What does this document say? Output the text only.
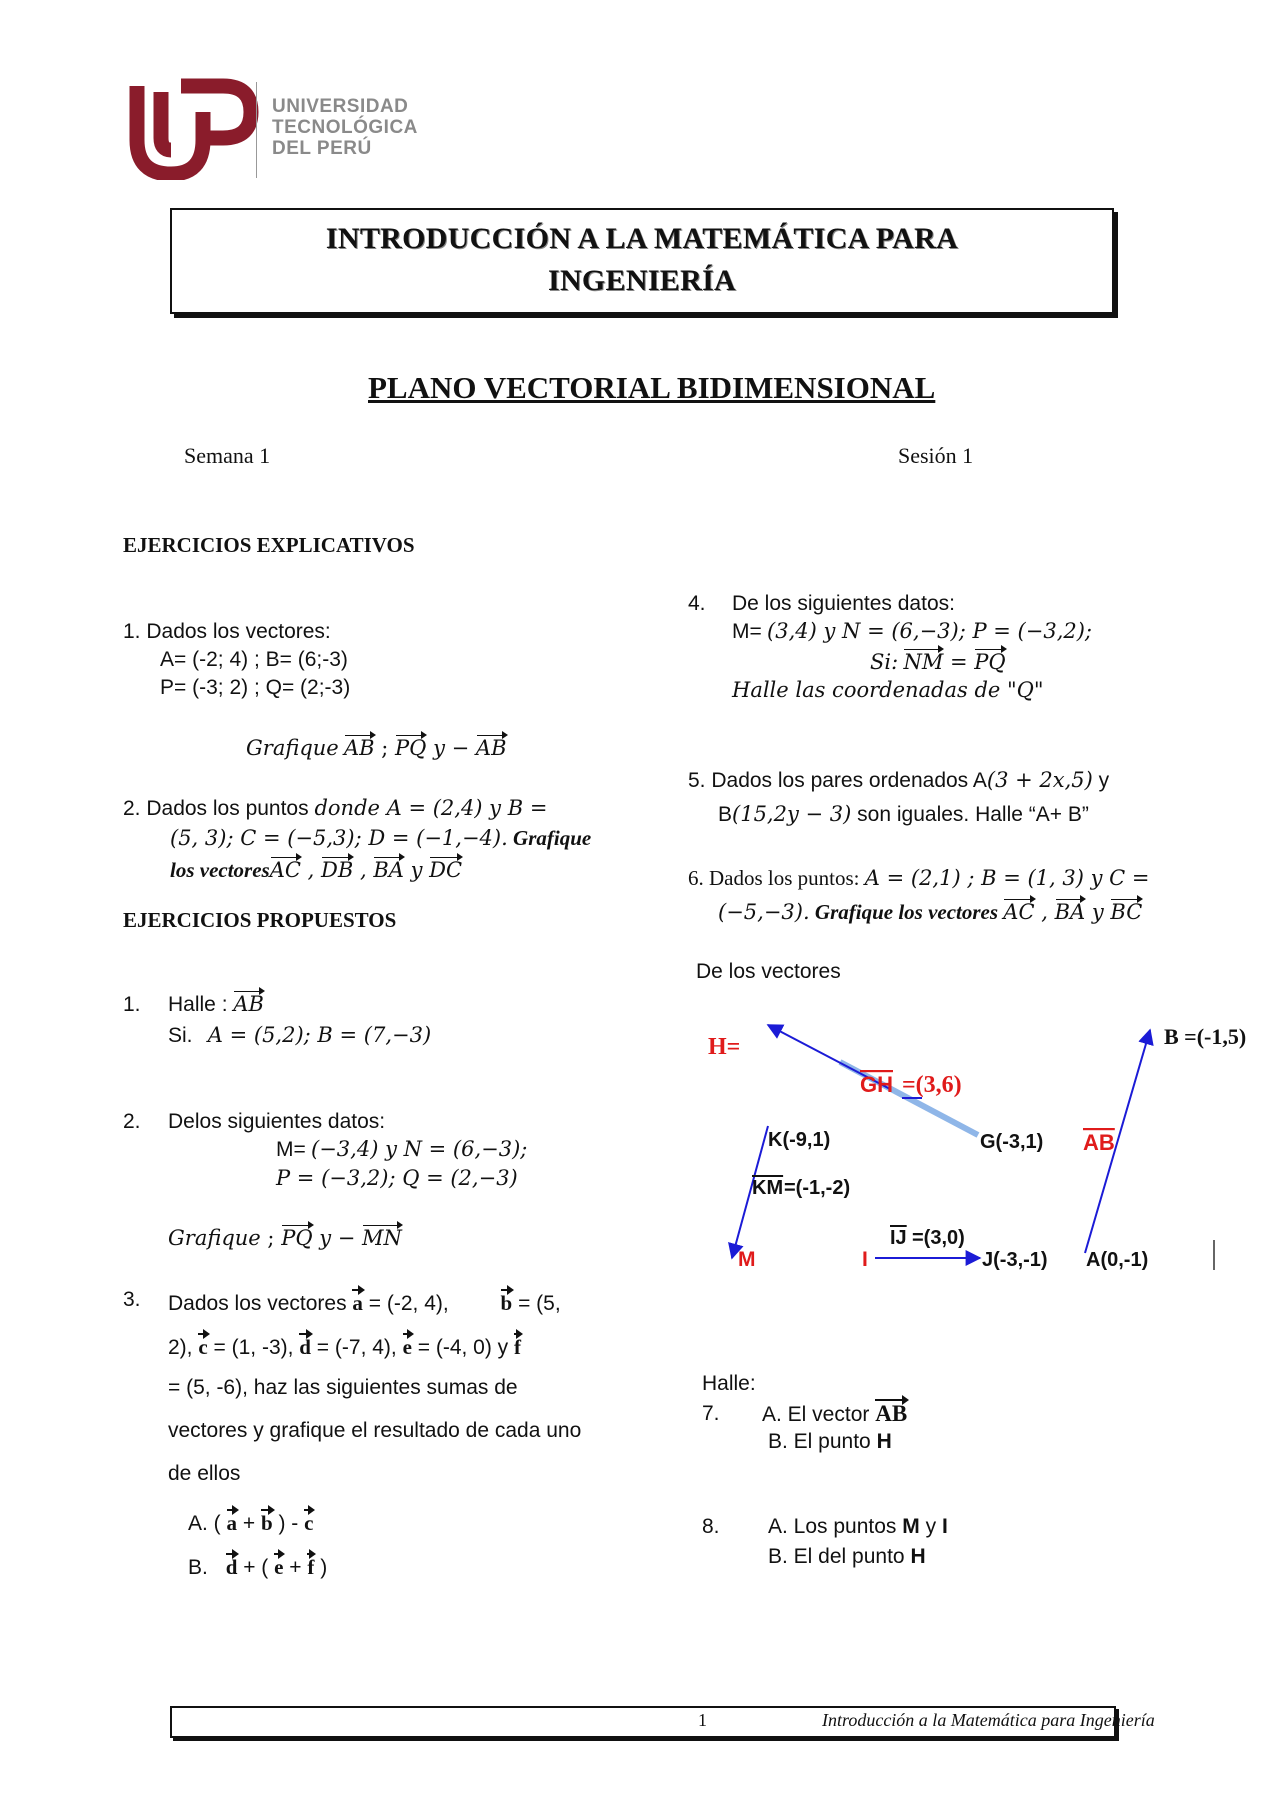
UNIVERSIDAD
TECNOLÓGICA
DEL PERÚ
INTRODUCCIÓN A LA MATEMÁTICA PARA
INGENIERÍA
PLANO VECTORIAL BIDIMENSIONAL
Semana 1	Sesión 1
EJERCICIOS EXPLICATIVOS
1. Dados los vectores:
A= (-2; 4) ; B= (6;-3)
P= (-3; 2) ; Q= (2;-3)
Grafique AB ; PQ y − AB
2. Dados los puntos donde A = (2,4) y B =
(5, 3); C = (−5,3); D = (−1,−4). Grafique
los vectoresAC , DB , BA y DC
EJERCICIOS PROPUESTOS
1. Halle : AB
Si. A = (5,2); B = (7,−3)
2. Delos siguientes datos:
M= (−3,4) y N = (6,−3);
P = (−3,2); Q = (2,−3)
Grafique ; PQ y − MN
3. Dados los vectores a = (-2, 4), b = (5,
2), c = (1, -3), d = (-7, 4), e = (-4, 0) y f
= (5, -6), haz las siguientes sumas de
vectores y grafique el resultado de cada uno
de ellos
A. ( a + b ) - c
B. d + ( e + f )
4. De los siguientes datos:
M= (3,4) y N = (6,−3); P = (−3,2);
Si: NM = PQ
Halle las coordenadas de "Q"
5. Dados los pares ordenados A(3 + 2x,5) y
B(15,2y − 3) son iguales. Halle “A+ B”
6. Dados los puntos: A = (2,1) ; B = (1, 3) y C =
(−5,−3). Grafique los vectores AC , BA y BC
De los vectores
H=
GH =(3,6)
G(-3,1)
K(-9,1)
KM =(-1,-2)
M	I
IJ =(3,0)
J(-3,-1)
AB
A(0,-1)
B =(-1,5)
Halle:
7. A. El vector AB
B. El punto H
8. A. Los puntos M y I
B. El del punto H
1	Introducción a la Matemática para Ingeniería
